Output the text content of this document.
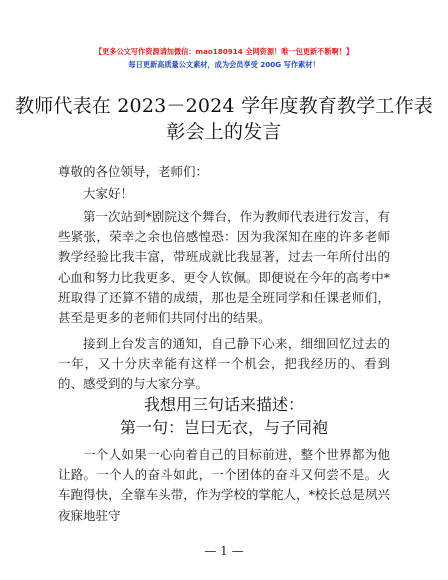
【更多公文写作资源请加微信：mao180914 全网资源！唯一包更新不断啊！】
每日更新高质量公文素材，成为会员享受 200G 写作素材！
教师代表在 2023－2024 学年度教育教学工作表
彰会上的发言
尊敬的各位领导，老师们：
大家好！
第一次站到*剧院这个舞台，作为教师代表进行发言，有些紧张，荣幸之余也倍感惶恐：因为我深知在座的许多老师教学经验比我丰富，带班成就比我显著，过去一年所付出的心血和努力比我更多、更令人钦佩。即便说在今年的高考中*班取得了还算不错的成绩，那也是全班同学和任课老师们，甚至是更多的老师们共同付出的结果。
接到上台发言的通知，自己静下心来，细细回忆过去的一年，又十分庆幸能有这样一个机会，把我经历的、看到的、感受到的与大家分享。
我想用三句话来描述：
第一句：岂曰无衣，与子同袍
一个人如果一心向着自己的目标前进，整个世界都为他让路。一个人的奋斗如此，一个团体的奋斗又何尝不是。火车跑得快，全靠车头带，作为学校的掌舵人，*校长总是夙兴夜寐地驻守
— 1 —
